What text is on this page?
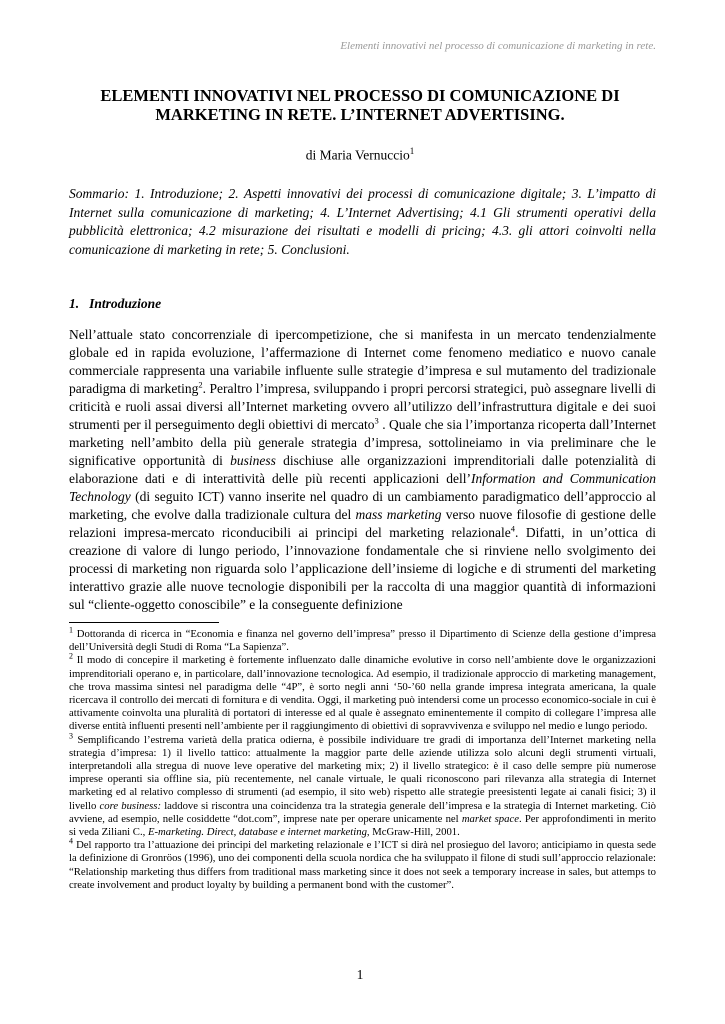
Elementi innovativi nel processo di comunicazione di marketing in rete.
ELEMENTI INNOVATIVI NEL PROCESSO DI COMUNICAZIONE DI MARKETING IN RETE. L’INTERNET ADVERTISING.
di Maria Vernuccio$^1$
Sommario: 1. Introduzione; 2. Aspetti innovativi dei processi di comunicazione digitale; 3. L’impatto di Internet sulla comunicazione di marketing; 4. L’Internet Advertising; 4.1 Gli strumenti operativi della pubblicità elettronica; 4.2 misurazione dei risultati e modelli di pricing; 4.3. gli attori coinvolti nella comunicazione di marketing in rete; 5. Conclusioni.
1. Introduzione
Nell’attuale stato concorrenziale di ipercompetizione, che si manifesta in un mercato tendenzialmente globale ed in rapida evoluzione, l’affermazione di Internet come fenomeno mediatico e nuovo canale commerciale rappresenta una variabile influente sulle strategie d’impresa e sul mutamento del tradizionale paradigma di marketing$^2$. Peraltro l’impresa, sviluppando i propri percorsi strategici, può assegnare livelli di criticità e ruoli assai diversi all’Internet marketing ovvero all’utilizzo dell’infrastruttura digitale e dei suoi strumenti per il perseguimento degli obiettivi di mercato$^3$ . Quale che sia l’importanza ricoperta dall’Internet marketing nell’ambito della più generale strategia d’impresa, sottolineiamo in via preliminare che le significative opportunità di business dischiuse alle organizzazioni imprenditoriali dalle potenzialità di elaborazione dati e di interattività delle più recenti applicazioni dell’Information and Communication Technology (di seguito ICT) vanno inserite nel quadro di un cambiamento paradigmatico dell’approccio al marketing, che evolve dalla tradizionale cultura del mass marketing verso nuove filosofie di gestione delle relazioni impresa-mercato riconducibili ai principi del marketing relazionale$^4$. Difatti, in un’ottica di creazione di valore di lungo periodo, l’innovazione fondamentale che si rinviene nello svolgimento dei processi di marketing non riguarda solo l’applicazione dell’insieme di logiche e di strumenti del marketing interattivo grazie alle nuove tecnologie disponibili per la raccolta di una maggior quantità di informazioni sul “cliente-oggetto conoscibile” e la conseguente definizione

$^1$ Dottoranda di ricerca in “Economia e finanza nel governo dell’impresa” presso il Dipartimento di Scienze della gestione d’impresa dell’Università degli Studi di Roma “La Sapienza”.

$^2$ Il modo di concepire il marketing è fortemente influenzato dalle dinamiche evolutive in corso nell’ambiente dove le organizzazioni imprenditoriali operano e, in particolare, dall’innovazione tecnologica. Ad esempio, il tradizionale approccio di marketing management, che trova massima sintesi nel paradigma delle “4P”, è sorto negli anni ‘50-’60 nella grande impresa integrata americana, la quale ricercava il controllo dei mercati di fornitura e di vendita. Oggi, il marketing può intendersi come un processo economico-sociale in cui è attivamente coinvolta una pluralità di portatori di interesse ed al quale è assegnato eminentemente il compito di collegare l’impresa alle diverse entità influenti presenti nell’ambiente per il raggiungimento di obiettivi di sopravvivenza e sviluppo nel medio e lungo periodo.

$^3$ Semplificando l’estrema varietà della pratica odierna, è possibile individuare tre gradi di importanza dell’Internet marketing nella strategia d’impresa: 1) il livello tattico: attualmente la maggior parte delle aziende utilizza solo alcuni degli strumenti virtuali, interpretandoli alla stregua di nuove leve operative del marketing mix; 2) il livello strategico: è il caso delle sempre più numerose imprese operanti sia offline sia, più recentemente, nel canale virtuale, le quali riconoscono pari rilevanza alla strategia di Internet marketing ed al relativo complesso di strumenti (ad esempio, il sito web) rispetto alle strategie preesistenti legate ai canali fisici; 3) il livello core business: laddove si riscontra una coincidenza tra la strategia generale dell’impresa e la strategia di Internet marketing. Ciò avviene, ad esempio, nelle cosiddette “dot.com”, imprese nate per operare unicamente nel market space. Per approfondimenti in merito si veda Ziliani C., E-marketing. Direct, database e internet marketing, McGraw-Hill, 2001.

$^4$ Del rapporto tra l’attuazione dei principi del marketing relazionale e l’ICT si dirà nel prosieguo del lavoro; anticipiamo in questa sede la definizione di Gronröos (1996), uno dei componenti della scuola nordica che ha sviluppato il filone di studi sull’approccio relazionale: “Relationship marketing thus differs from traditional mass marketing since it does not seek a temporary increase in sales, but attemps to create involvement and product loyalty by building a permanent bond with the customer”.

1
